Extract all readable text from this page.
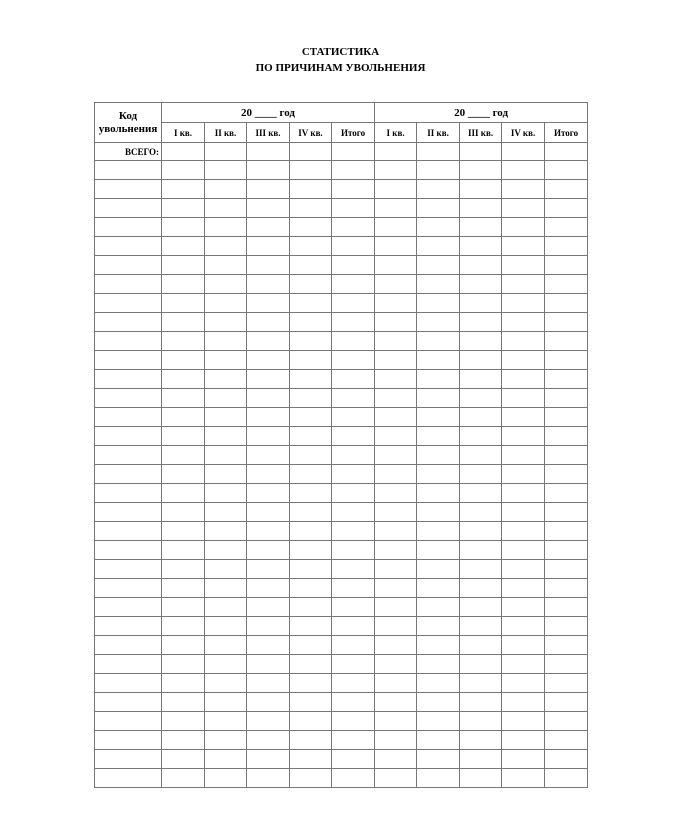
СТАТИСТИКА
ПО ПРИЧИНАМ УВОЛЬНЕНИЯ
Код
увольнения	20 ____ год					20 ____ год				
	I кв.	II кв.	III кв.	IV кв.	Итого	I кв.	II кв.	III кв.	IV кв.	Итого
ВСЕГО:										
